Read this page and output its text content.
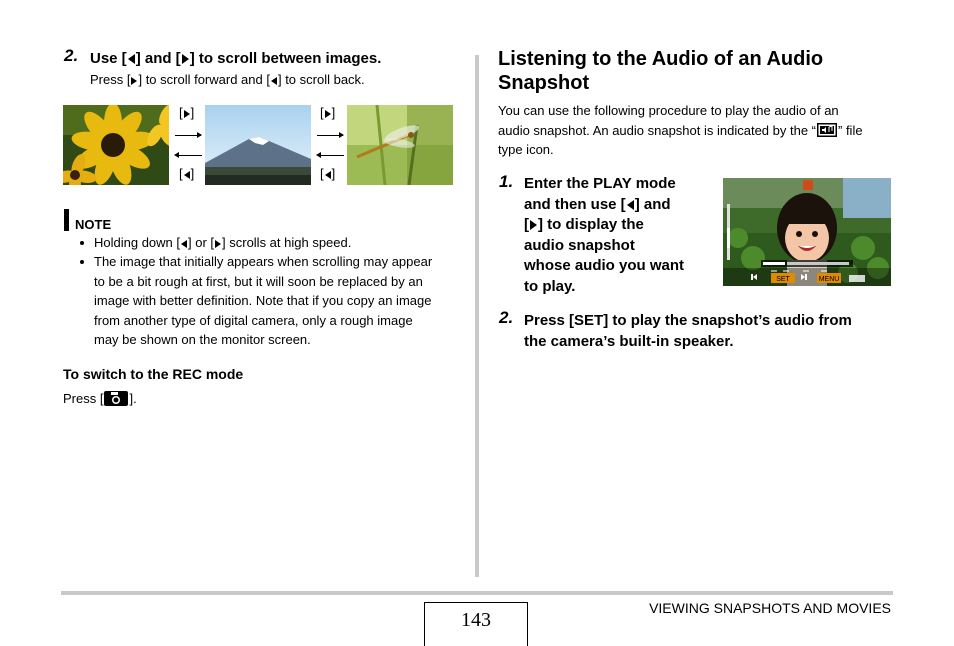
2. Use [ ] and [ ] to scroll between images.
Press [ ] to scroll forward and [ ] to scroll back.
[ ]
[ ]
[ ]
[ ]
NOTE
Holding down [ ] or [ ] scrolls at high speed.
The image that initially appears when scrolling may appear
to be a bit rough at first, but it will soon be replaced by an
image with better definition. Note that if you copy an image
from another type of digital camera, only a rough image
may be shown on the monitor screen.
To switch to the REC mode
Press [ ].
Listening to the Audio of an Audio
Snapshot
You can use the following procedure to play the audio of an
audio snapshot. An audio snapshot is indicated by the “ ” file
type icon.
1. Enter the PLAY mode
and then use [ ] and
[ ] to display the
audio snapshot
whose audio you want
to play.	SET	MENU
2. Press [SET] to play the snapshot’s audio from
the camera’s built-in speaker.
143
VIEWING SNAPSHOTS AND MOVIES
